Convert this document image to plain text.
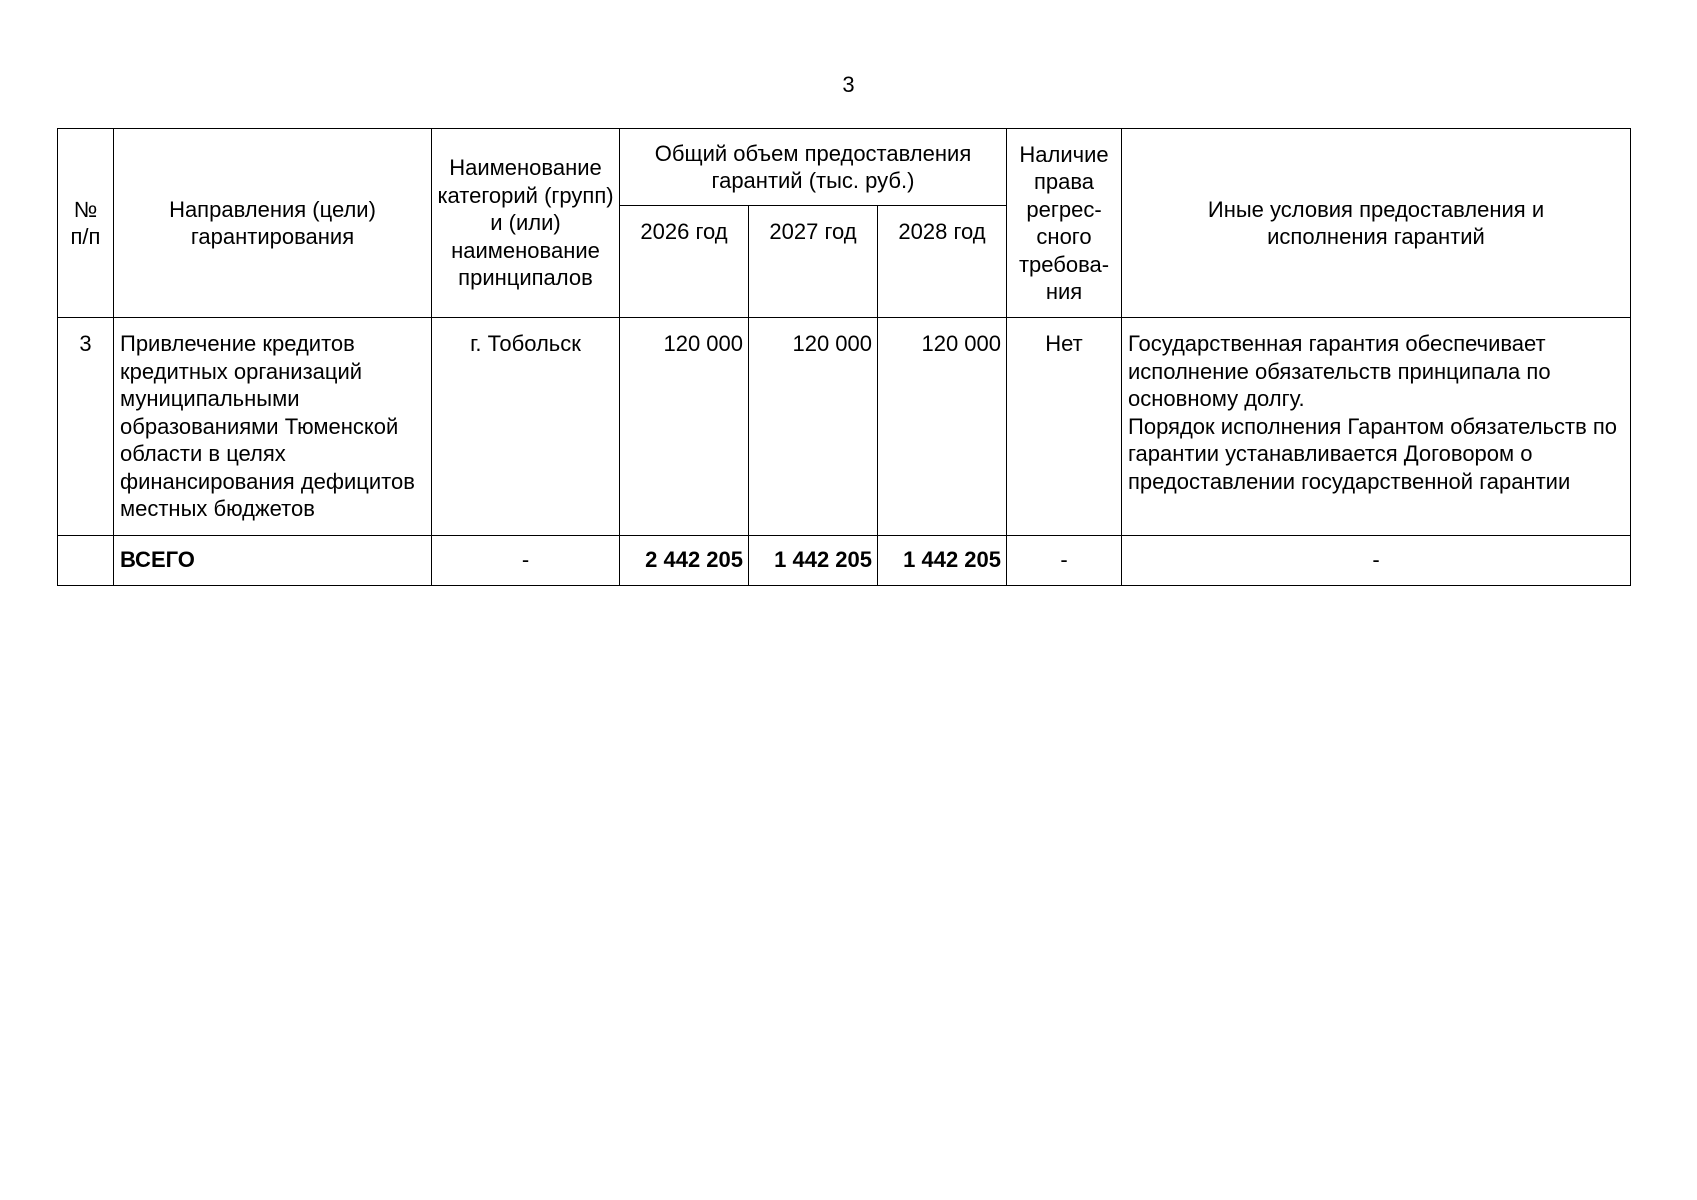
3
№ п/п	Направления (цели) гарантирования	Наименование категорий (групп) и (или) наименование принципалов	Общий объем предоставления гарантий (тыс. руб.)			Наличие права регрес-сного требова-ния	Иные условия предоставления и исполнения гарантий

			2026 год	2027 год	2028 год		
3	Привлечение кредитов кредитных организаций муниципальными образованиями Тюменской области в целях финансирования дефицитов местных бюджетов	г. Тобольск	120 000	120 000	120 000	Нет	Государственная гарантия обеспечивает исполнение обязательств принципала по основному долгу.
Порядок исполнения Гарантом обязательств по гарантии устанавливается Договором о предоставлении государственной гарантии

	ВСЕГО	-	2 442 205	1 442 205	1 442 205	-	-
